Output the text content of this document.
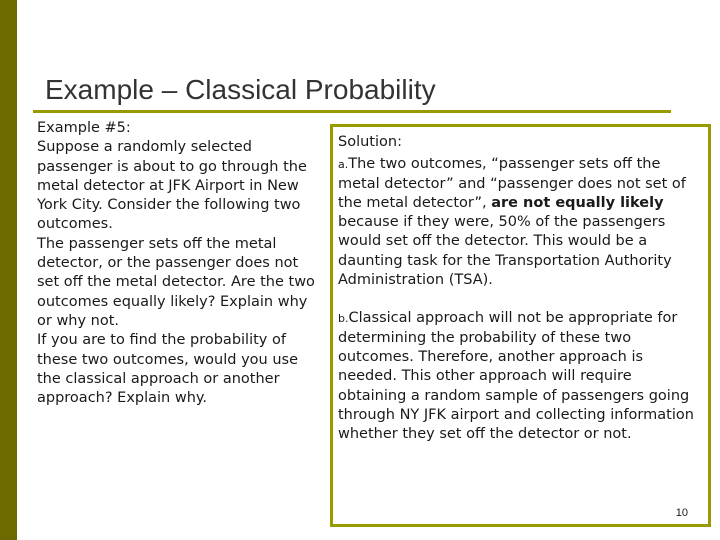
Example – Classical Probability

Example #5:

Suppose a randomly selected passenger is about to go through the metal detector at JFK Airport in New York City. Consider the following two outcomes.

The passenger sets off the metal detector, or the passenger does not set off the metal detector. Are the two outcomes equally likely? Explain why or why not.

If you are to find the probability of these two outcomes, would you use the classical approach or another approach? Explain why.

Solution:

a.The two outcomes, “passenger sets off the metal detector” and “passenger does not set of the metal detector”, are not equally likely because if they were, 50% of the passengers would set off the detector. This would be a daunting task for the Transportation Authority Administration (TSA).

b.Classical approach will not be appropriate for determining the probability of these two outcomes. Therefore, another approach is needed. This other approach will require obtaining a random sample of passengers going through NY JFK airport and collecting information whether they set off the detector or not.

10
